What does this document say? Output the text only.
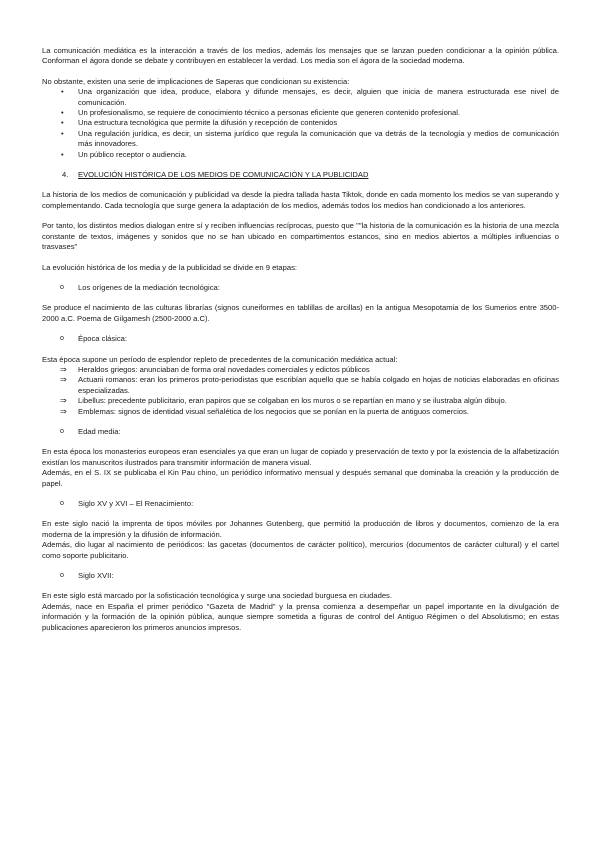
La comunicación mediática es la interacción a través de los medios, además los mensajes que se lanzan pueden condicionar a la opinión pública. Conforman el ágora donde se debate y contribuyen en establecer la verdad. Los media son el ágora de la sociedad moderna.

No obstante, existen una serie de implicaciones de Saperas que condicionan su existencia:

• Una organización que idea, produce, elabora y difunde mensajes, es decir, alguien que inicia de manera estructurada ese nivel de comunicación.
• Un profesionalismo, se requiere de conocimiento técnico a personas eficiente que generen contenido profesional.
• Una estructura tecnológica que permite la difusión y recepción de contenidos
• Una regulación jurídica, es decir, un sistema jurídico que regula la comunicación que va detrás de la tecnología y medios de comunicación más innovadores.
• Un público receptor o audiencia.
4. EVOLUCIÓN HISTÓRICA DE LOS MEDIOS DE COMUNICACIÓN Y LA PUBLICIDAD

La historia de los medios de comunicación y publicidad va desde la piedra tallada hasta Tiktok, donde en cada momento los medios se van superando y complementando. Cada tecnología que surge genera la adaptación de los medios, además todos los medios han condicionado a los anteriores.

Por tanto, los distintos medios dialogan entre sí y reciben influencias recíprocas, puesto que ""la historia de la comunicación es la historia de una mezcla constante de textos, imágenes y sonidos que no se han ubicado en compartimentos estancos, sino en medios abiertos a múltiples influencias o trasvases"

La evolución histórica de los media y de la publicidad se divide en 9 etapas:

o Los orígenes de la mediación tecnológica:

Se produce el nacimiento de las culturas librarías (signos cuneiformes en tablillas de arcillas) en la antigua Mesopotamia de los Sumerios entre 3500-2000 a.C. Poema de Gilgamesh (2500-2000 a.C).

o Época clásica:

Esta época supone un período de esplendor repleto de precedentes de la comunicación mediática actual:

⇒ Heraldos griegos: anunciaban de forma oral novedades comerciales y edictos públicos
⇒ Actuarii romanos: eran los primeros proto-periodistas que escribían aquello que se había colgado en hojas de noticias elaboradas en oficinas especializadas.
⇒ Libellus: precedente publicitario, eran papiros que se colgaban en los muros o se repartían en mano y se ilustraba algún dibujo.
⇒ Emblemas: signos de identidad visual señalética de los negocios que se ponían en la puerta de antiguos comercios.
o Edad media:

En esta época los monasterios europeos eran esenciales ya que eran un lugar de copiado y preservación de texto y por la existencia de la alfabetización existían los manuscritos ilustrados para transmitir información de manera visual.

Además, en el S. IX se publicaba el Kin Pau chino, un periódico informativo mensual y después semanal que dominaba la creación y la producción de papel.

o Siglo XV y XVI – El Renacimiento:

En este siglo nació la imprenta de tipos móviles por Johannes Gutenberg, que permitió la producción de libros y documentos, comienzo de la era moderna de la impresión y la difusión de información.

Además, dio lugar al nacimiento de periódicos: las gacetas (documentos de carácter político), mercurios (documentos de carácter cultural) y el cartel como soporte publicitario.

o Siglo XVII:

En este siglo está marcado por la sofisticación tecnológica y surge una sociedad burguesa en ciudades.

Además, nace en España el primer periódico "Gazeta de Madrid" y la prensa comienza a desempeñar un papel importante en la divulgación de información y la formación de la opinión pública, aunque siempre sometida a figuras de control del Antiguo Régimen o del Absolutismo; en estas publicaciones aparecieron los primeros anuncios impresos.
